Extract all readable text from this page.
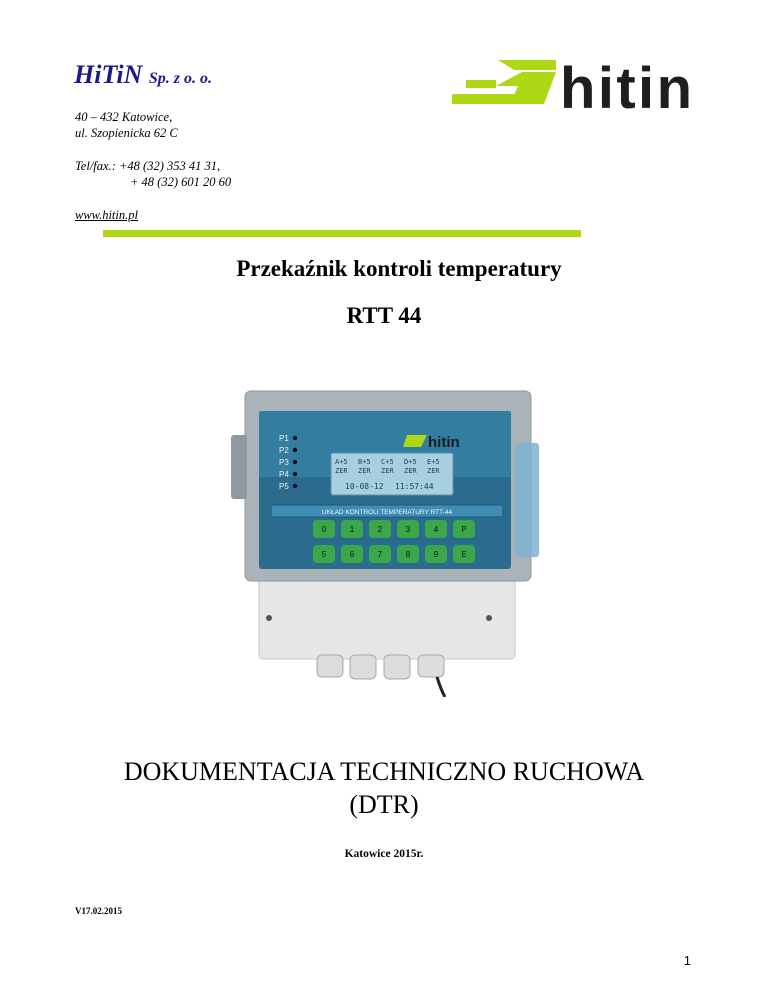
HiTiN Sp. z o. o.
40 – 432 Katowice,
ul. Szopienicka 62 C
Tel/fax.: +48 (32) 353 41 31,
+ 48 (32) 601 20 60
www.hitin.pl
hitin
Przekaźnik kontroli temperatury
RTT 44
P1
P2
P3
P4
P5
hitin
A+5 B+5 C+5 D+5 E+5
ZER ZER ZER ZER ZER
10-08-12 11:57:44
UKŁAD KONTROLI TEMPERATURY RTT-44
0	1	2	3	4	P
5	6	7	8	9	E
DOKUMENTACJA TECHNICZNO RUCHOWA
(DTR)
Katowice 2015r.
V17.02.2015
1
